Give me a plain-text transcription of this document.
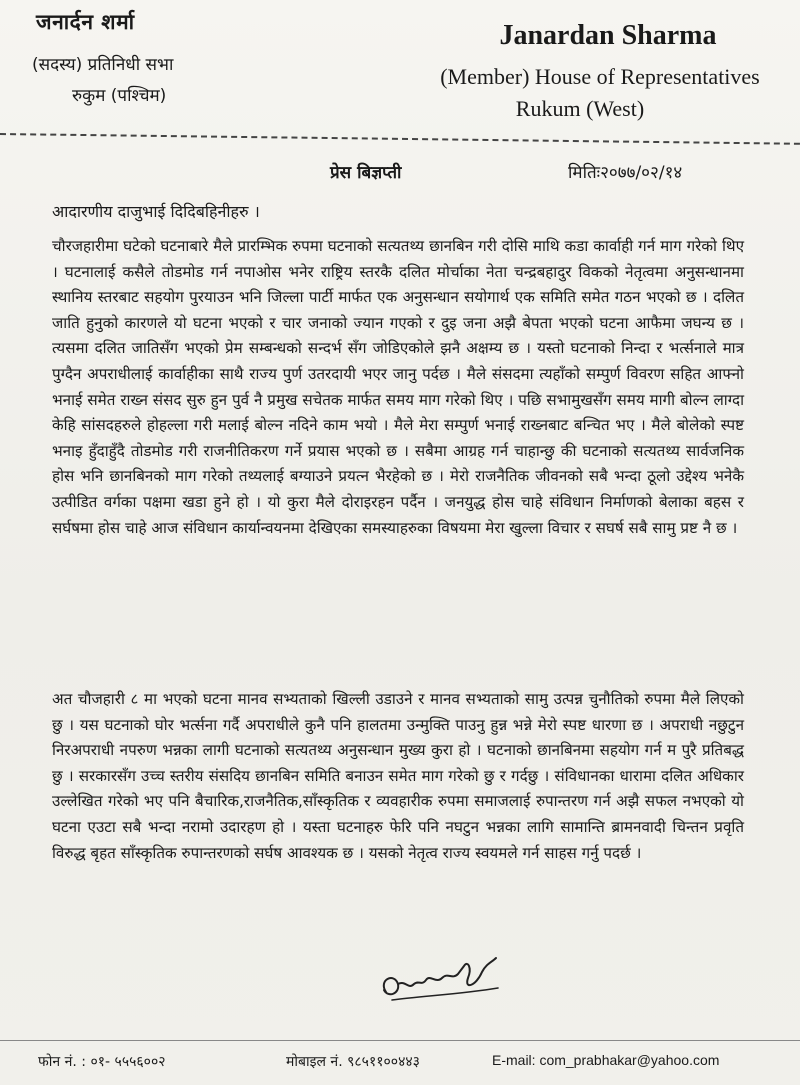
जनार्दन शर्मा
(सदस्य) प्रतिनिधी सभा
रुकुम (पश्चिम)
Janardan Sharma
(Member) House of Representatives
Rukum (West)
प्रेस बिज्ञप्ती	मितिः२०७७/०२/१४
आदारणीय दाजुभाई दिदिबहिनीहरु ।
चौरजहारीमा घटेको घटनाबारे मैले प्रारम्भिक रुपमा घटनाको सत्यतथ्य छानबिन गरी दोसि माथि कडा कार्वाही गर्न माग गरेको थिए । घटनालाई कसैले तोडमोड गर्न नपाओस भनेर राष्ट्रिय स्तरकै दलित मोर्चाका नेता चन्द्रबहादुर विकको नेतृत्वमा अनुसन्धानमा स्थानिय स्तरबाट सहयोग पुरयाउन भनि जिल्ला पार्टी मार्फत एक अनुसन्धान सयोगार्थ एक समिति समेत गठन भएको छ । दलित जाति हुनुको कारणले यो घटना भएको र चार जनाको ज्यान गएको र दुइ जना अझै बेपता भएको घटना आफैमा जघन्य छ । त्यसमा दलित जातिसँग भएको प्रेम सम्बन्धको सन्दर्भ सँग जोडिएकोले झनै अक्षम्य छ । यस्तो घटनाको निन्दा र भर्त्सनाले मात्र पुग्दैन अपराधीलाई कार्वाहीका साथै राज्य पुर्ण उतरदायी भएर जानु पर्दछ । मैले संसदमा त्यहाँको सम्पुर्ण विवरण सहित आफ्नो भनाई समेत राख्न संसद सुरु हुन पुर्व नै प्रमुख सचेतक मार्फत समय माग गरेको थिए । पछि सभामुखसँग समय मागी बोल्न लाग्दा केहि सांसदहरुले होहल्ला गरी मलाई बोल्न नदिने काम भयो । मैले मेरा सम्पुर्ण भनाई राख्नबाट बन्चित भए । मैले बोलेको स्पष्ट भनाइ हुँदाहुँदै तोडमोड गरी राजनीतिकरण गर्ने प्रयास भएको छ । सबैमा आग्रह गर्न चाहान्छु की घटनाको सत्यतथ्य सार्वजनिक होस भनि छानबिनको माग गरेको तथ्यलाई बग्याउने प्रयत्न भैरहेको छ । मेरो राजनैतिक जीवनको सबै भन्दा ठूलो उद्देश्य भनेकै उत्पीडित वर्गका पक्षमा खडा हुने हो । यो कुरा मैले दोराइरहन पर्दैन । जनयुद्ध होस चाहे संविधान निर्माणको बेलाका बहस र सर्घषमा होस चाहे आज संविधान कार्यान्वयनमा देखिएका समस्याहरुका विषयमा मेरा खुल्ला विचार र सघर्ष सबै सामु प्रष्ट नै छ ।
अत चौजहारी ८ मा भएको घटना मानव सभ्यताको खिल्ली उडाउने र मानव सभ्यताको सामु उत्पन्न चुनौतिको रुपमा मैले लिएको छु । यस घटनाको घोर भर्त्सना गर्दै अपराधीले कुनै पनि हालतमा उन्मुक्ति पाउनु हुन्न भन्ने मेरो स्पष्ट धारणा छ । अपराधी नछुटुन निरअपराधी नपरुण भन्नका लागी घटनाको सत्यतथ्य अनुसन्धान मुख्य कुरा हो । घटनाको छानबिनमा सहयोग गर्न म पुरै प्रतिबद्ध छु । सरकारसँग उच्च स्तरीय संसदिय छानबिन समिति बनाउन समेत माग गरेको छु र गर्दछु । संविधानका धारामा दलित अधिकार उल्लेखित गरेको भए पनि बैचारिक,राजनैतिक,साँस्कृतिक र व्यवहारीक रुपमा समाजलाई रुपान्तरण गर्न अझै सफल नभएको यो घटना एउटा सबै भन्दा नरामो उदारहण हो । यस्ता घटनाहरु फेरि पनि नघटुन भन्नका लागि सामान्ति ब्रामनवादी चिन्तन प्रवृति विरुद्ध बृहत साँस्कृतिक रुपान्तरणको सर्घष आवश्यक छ । यसको नेतृत्व राज्य स्वयमले गर्न साहस गर्नु पदर्छ ।
फोन नं. : ०१- ५५५६००२	मोबाइल नं. ९८५११००४४३	E-mail: com_prabhakar@yahoo.com
